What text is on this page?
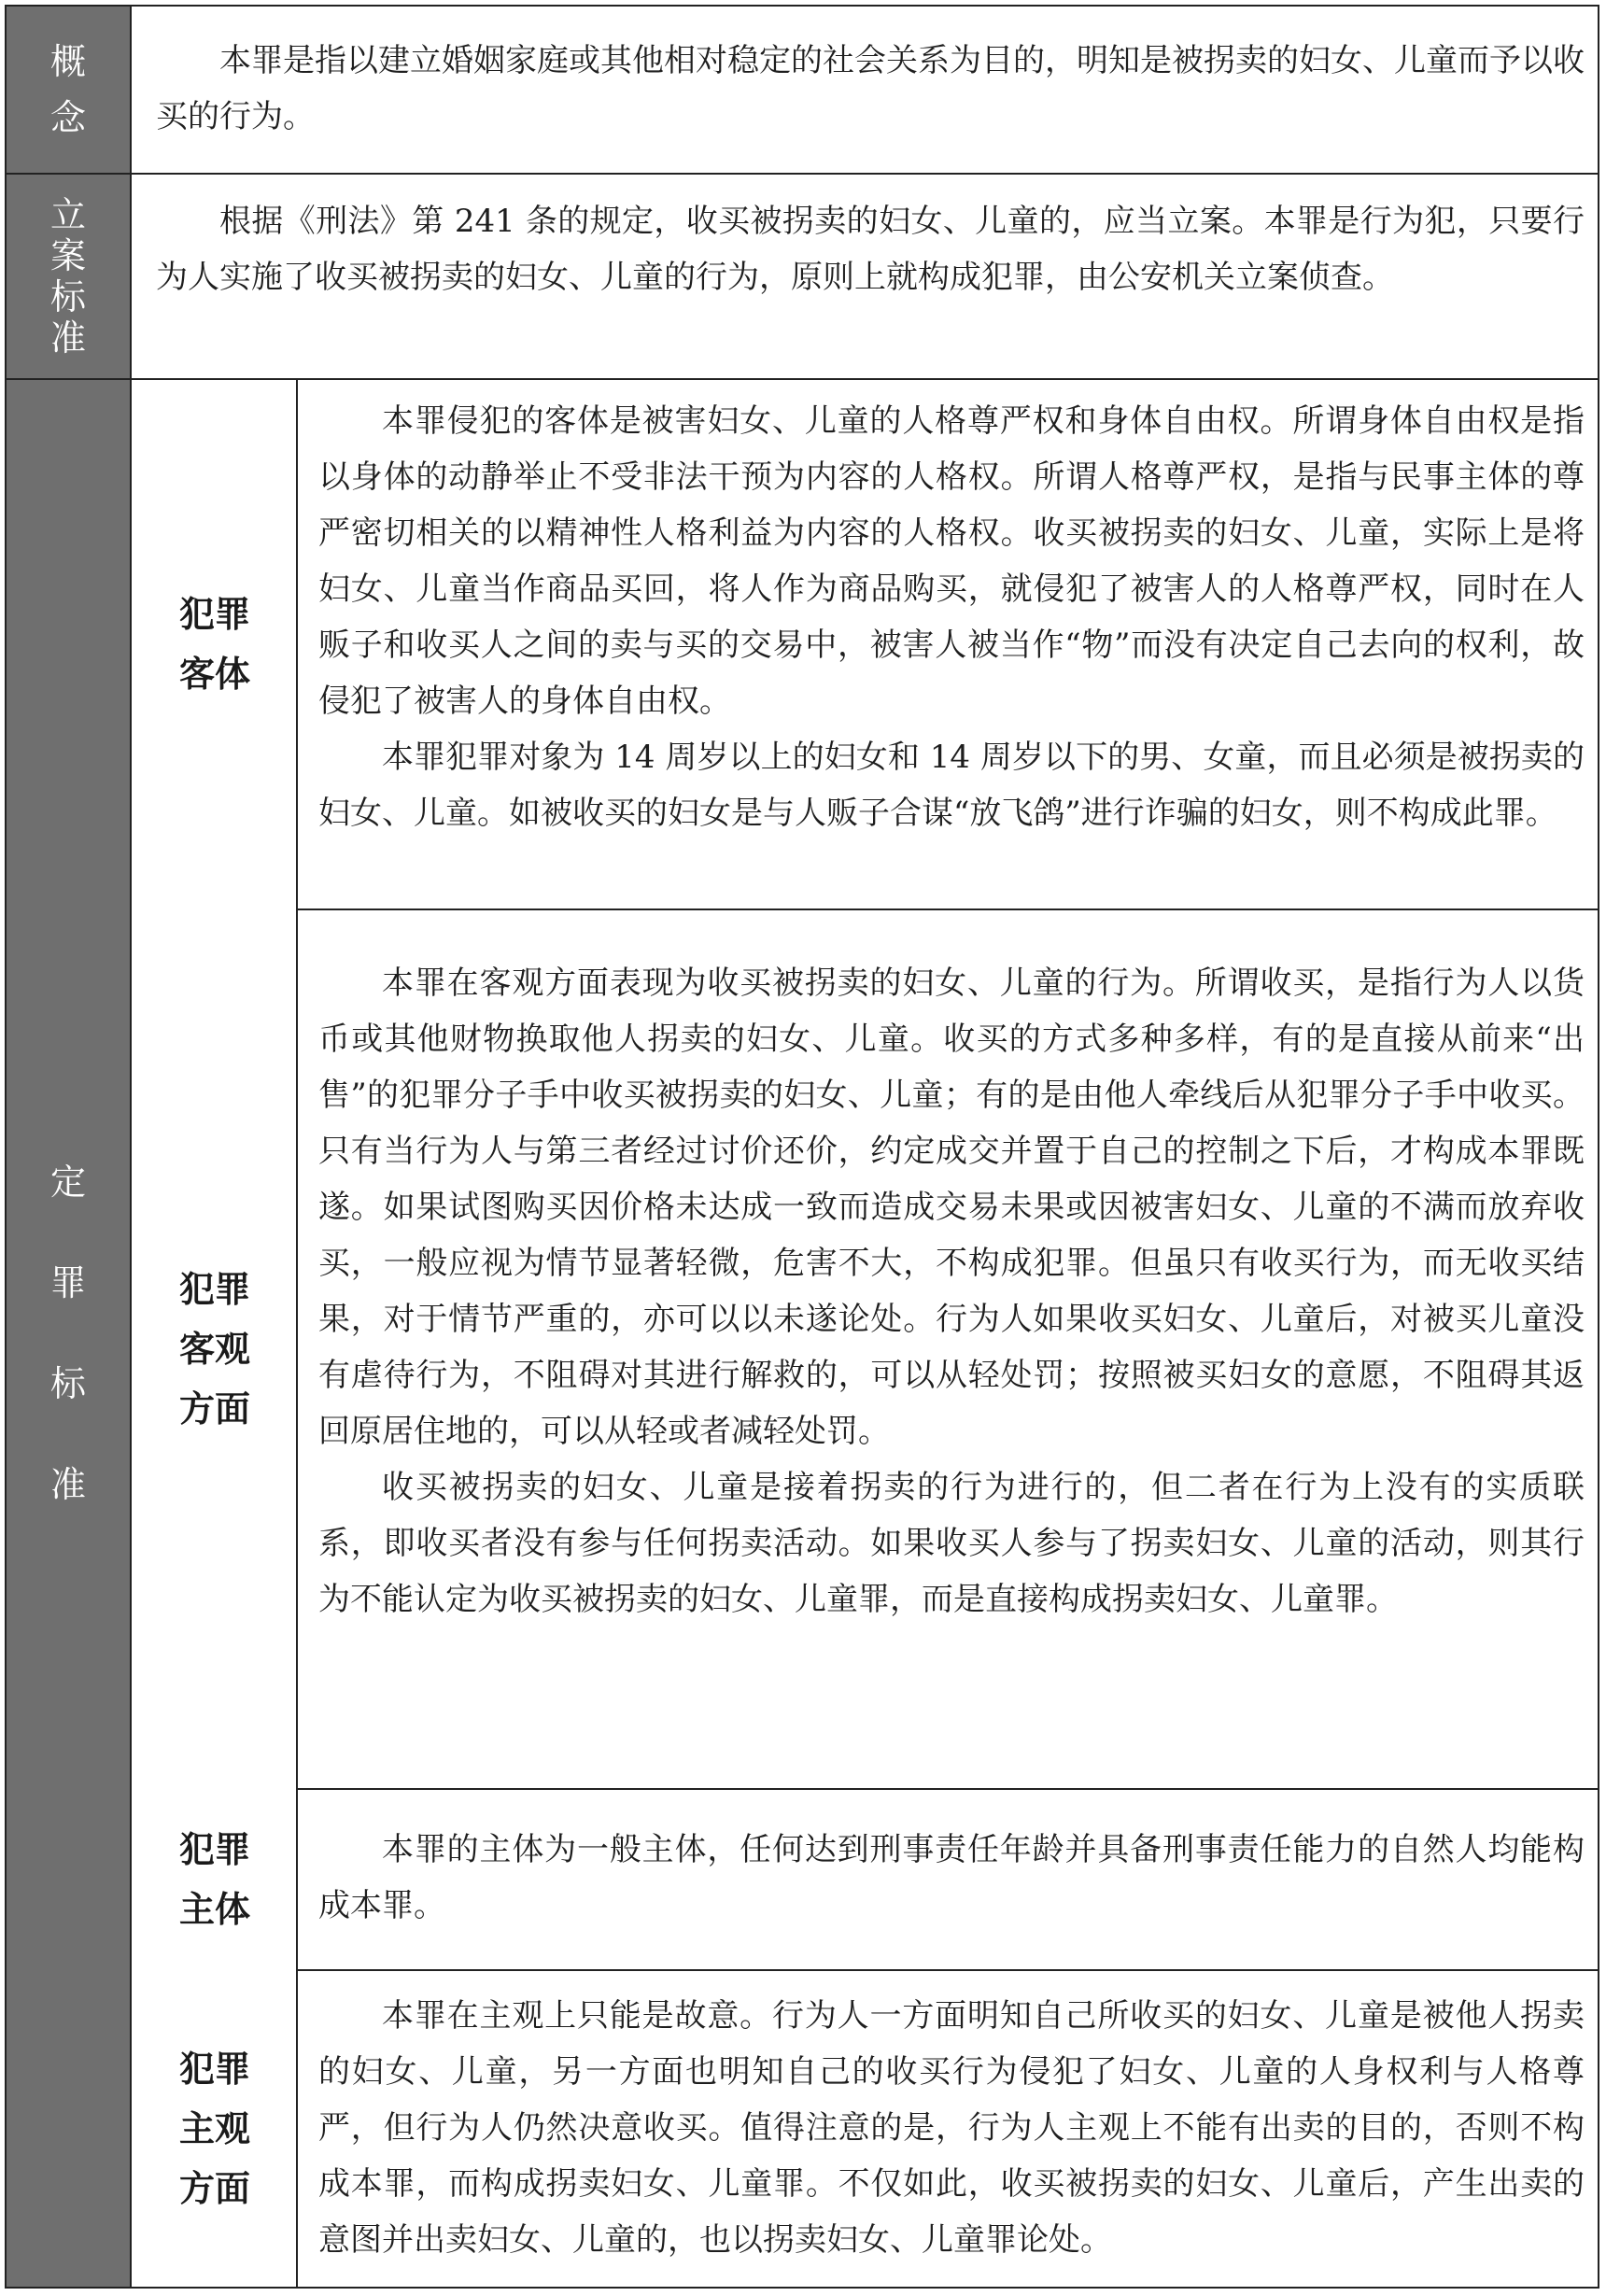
概
念

本罪是指以建立婚姻家庭或其他相对稳定的社会关系为目的，明知是被拐卖的妇女、儿童而予以收买的行为。

立
案
标
准

根据《刑法》第 241 条的规定，收买被拐卖的妇女、儿童的，应当立案。本罪是行为犯，只要行为人实施了收买被拐卖的妇女、儿童的行为，原则上就构成犯罪，由公安机关立案侦查。

定
罪
标
准
犯罪
客体

本罪侵犯的客体是被害妇女、儿童的人格尊严权和身体自由权。所谓身体自由权是指以身体的动静举止不受非法干预为内容的人格权。所谓人格尊严权，是指与民事主体的尊严密切相关的以精神性人格利益为内容的人格权。收买被拐卖的妇女、儿童，实际上是将妇女、儿童当作商品买回，将人作为商品购买，就侵犯了被害人的人格尊严权，同时在人贩子和收买人之间的卖与买的交易中，被害人被当作“物”而没有决定自己去向的权利，故侵犯了被害人的身体自由权。

本罪犯罪对象为 14 周岁以上的妇女和 14 周岁以下的男、女童，而且必须是被拐卖的妇女、儿童。如被收买的妇女是与人贩子合谋“放飞鸽”进行诈骗的妇女，则不构成此罪。

犯罪
客观
方面

本罪在客观方面表现为收买被拐卖的妇女、儿童的行为。所谓收买，是指行为人以货币或其他财物换取他人拐卖的妇女、儿童。收买的方式多种多样，有的是直接从前来“出售”的犯罪分子手中收买被拐卖的妇女、儿童；有的是由他人牵线后从犯罪分子手中收买。只有当行为人与第三者经过讨价还价，约定成交并置于自己的控制之下后，才构成本罪既遂。如果试图购买因价格未达成一致而造成交易未果或因被害妇女、儿童的不满而放弃收买，一般应视为情节显著轻微，危害不大，不构成犯罪。但虽只有收买行为，而无收买结果，对于情节严重的，亦可以以未遂论处。行为人如果收买妇女、儿童后，对被买儿童没有虐待行为，不阻碍对其进行解救的，可以从轻处罚；按照被买妇女的意愿，不阻碍其返回原居住地的，可以从轻或者减轻处罚。

收买被拐卖的妇女、儿童是接着拐卖的行为进行的，但二者在行为上没有的实质联系，即收买者没有参与任何拐卖活动。如果收买人参与了拐卖妇女、儿童的活动，则其行为不能认定为收买被拐卖的妇女、儿童罪，而是直接构成拐卖妇女、儿童罪。

犯罪
主体

本罪的主体为一般主体，任何达到刑事责任年龄并具备刑事责任能力的自然人均能构成本罪。

犯罪
主观
方面

本罪在主观上只能是故意。行为人一方面明知自己所收买的妇女、儿童是被他人拐卖的妇女、儿童，另一方面也明知自己的收买行为侵犯了妇女、儿童的人身权利与人格尊严，但行为人仍然决意收买。值得注意的是，行为人主观上不能有出卖的目的，否则不构成本罪，而构成拐卖妇女、儿童罪。不仅如此，收买被拐卖的妇女、儿童后，产生出卖的意图并出卖妇女、儿童的，也以拐卖妇女、儿童罪论处。
